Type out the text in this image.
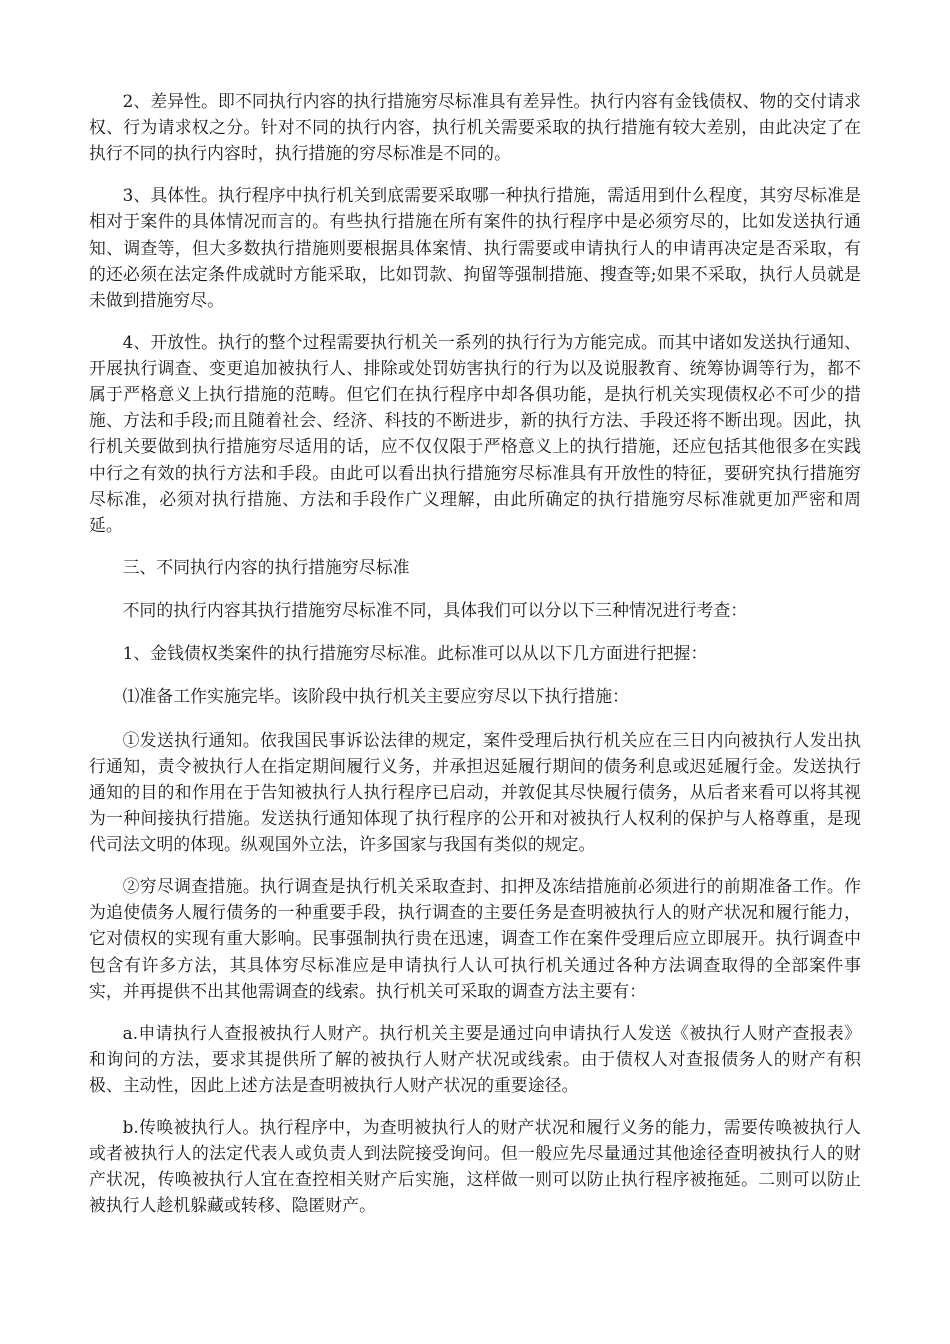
2、差异性。即不同执行内容的执行措施穷尽标准具有差异性。执行内容有金钱债权、物的交付请求权、行为请求权之分。针对不同的执行内容，执行机关需要采取的执行措施有较大差别，由此决定了在执行不同的执行内容时，执行措施的穷尽标准是不同的。

3、具体性。执行程序中执行机关到底需要采取哪一种执行措施，需适用到什么程度，其穷尽标准是相对于案件的具体情况而言的。有些执行措施在所有案件的执行程序中是必须穷尽的，比如发送执行通知、调查等，但大多数执行措施则要根据具体案情、执行需要或申请执行人的申请再决定是否采取，有的还必须在法定条件成就时方能采取，比如罚款、拘留等强制措施、搜查等;如果不采取，执行人员就是未做到措施穷尽。

4、开放性。执行的整个过程需要执行机关一系列的执行行为方能完成。而其中诸如发送执行通知、开展执行调查、变更追加被执行人、排除或处罚妨害执行的行为以及说服教育、统筹协调等行为，都不属于严格意义上执行措施的范畴。但它们在执行程序中却各俱功能，是执行机关实现债权必不可少的措施、方法和手段;而且随着社会、经济、科技的不断进步，新的执行方法、手段还将不断出现。因此，执行机关要做到执行措施穷尽适用的话，应不仅仅限于严格意义上的执行措施，还应包括其他很多在实践中行之有效的执行方法和手段。由此可以看出执行措施穷尽标准具有开放性的特征，要研究执行措施穷尽标准，必须对执行措施、方法和手段作广义理解，由此所确定的执行措施穷尽标准就更加严密和周延。

三、不同执行内容的执行措施穷尽标准

不同的执行内容其执行措施穷尽标准不同，具体我们可以分以下三种情况进行考查：

1、金钱债权类案件的执行措施穷尽标准。此标准可以从以下几方面进行把握：

⑴准备工作实施完毕。该阶段中执行机关主要应穷尽以下执行措施：

①发送执行通知。依我国民事诉讼法律的规定，案件受理后执行机关应在三日内向被执行人发出执行通知，责令被执行人在指定期间履行义务，并承担迟延履行期间的债务利息或迟延履行金。发送执行通知的目的和作用在于告知被执行人执行程序已启动，并敦促其尽快履行债务，从后者来看可以将其视为一种间接执行措施。发送执行通知体现了执行程序的公开和对被执行人权利的保护与人格尊重，是现代司法文明的体现。纵观国外立法，许多国家与我国有类似的规定。

②穷尽调查措施。执行调查是执行机关采取查封、扣押及冻结措施前必须进行的前期准备工作。作为追使债务人履行债务的一种重要手段，执行调查的主要任务是查明被执行人的财产状况和履行能力，它对债权的实现有重大影响。民事强制执行贵在迅速，调查工作在案件受理后应立即展开。执行调查中包含有许多方法，其具体穷尽标准应是申请执行人认可执行机关通过各种方法调查取得的全部案件事实，并再提供不出其他需调查的线索。执行机关可采取的调查方法主要有：

a.申请执行人查报被执行人财产。执行机关主要是通过向申请执行人发送《被执行人财产查报表》和询问的方法，要求其提供所了解的被执行人财产状况或线索。由于债权人对查报债务人的财产有积极、主动性，因此上述方法是查明被执行人财产状况的重要途径。

b.传唤被执行人。执行程序中，为查明被执行人的财产状况和履行义务的能力，需要传唤被执行人或者被执行人的法定代表人或负责人到法院接受询问。但一般应先尽量通过其他途径查明被执行人的财产状况，传唤被执行人宜在查控相关财产后实施，这样做一则可以防止执行程序被拖延。二则可以防止被执行人趁机躲藏或转移、隐匿财产。
